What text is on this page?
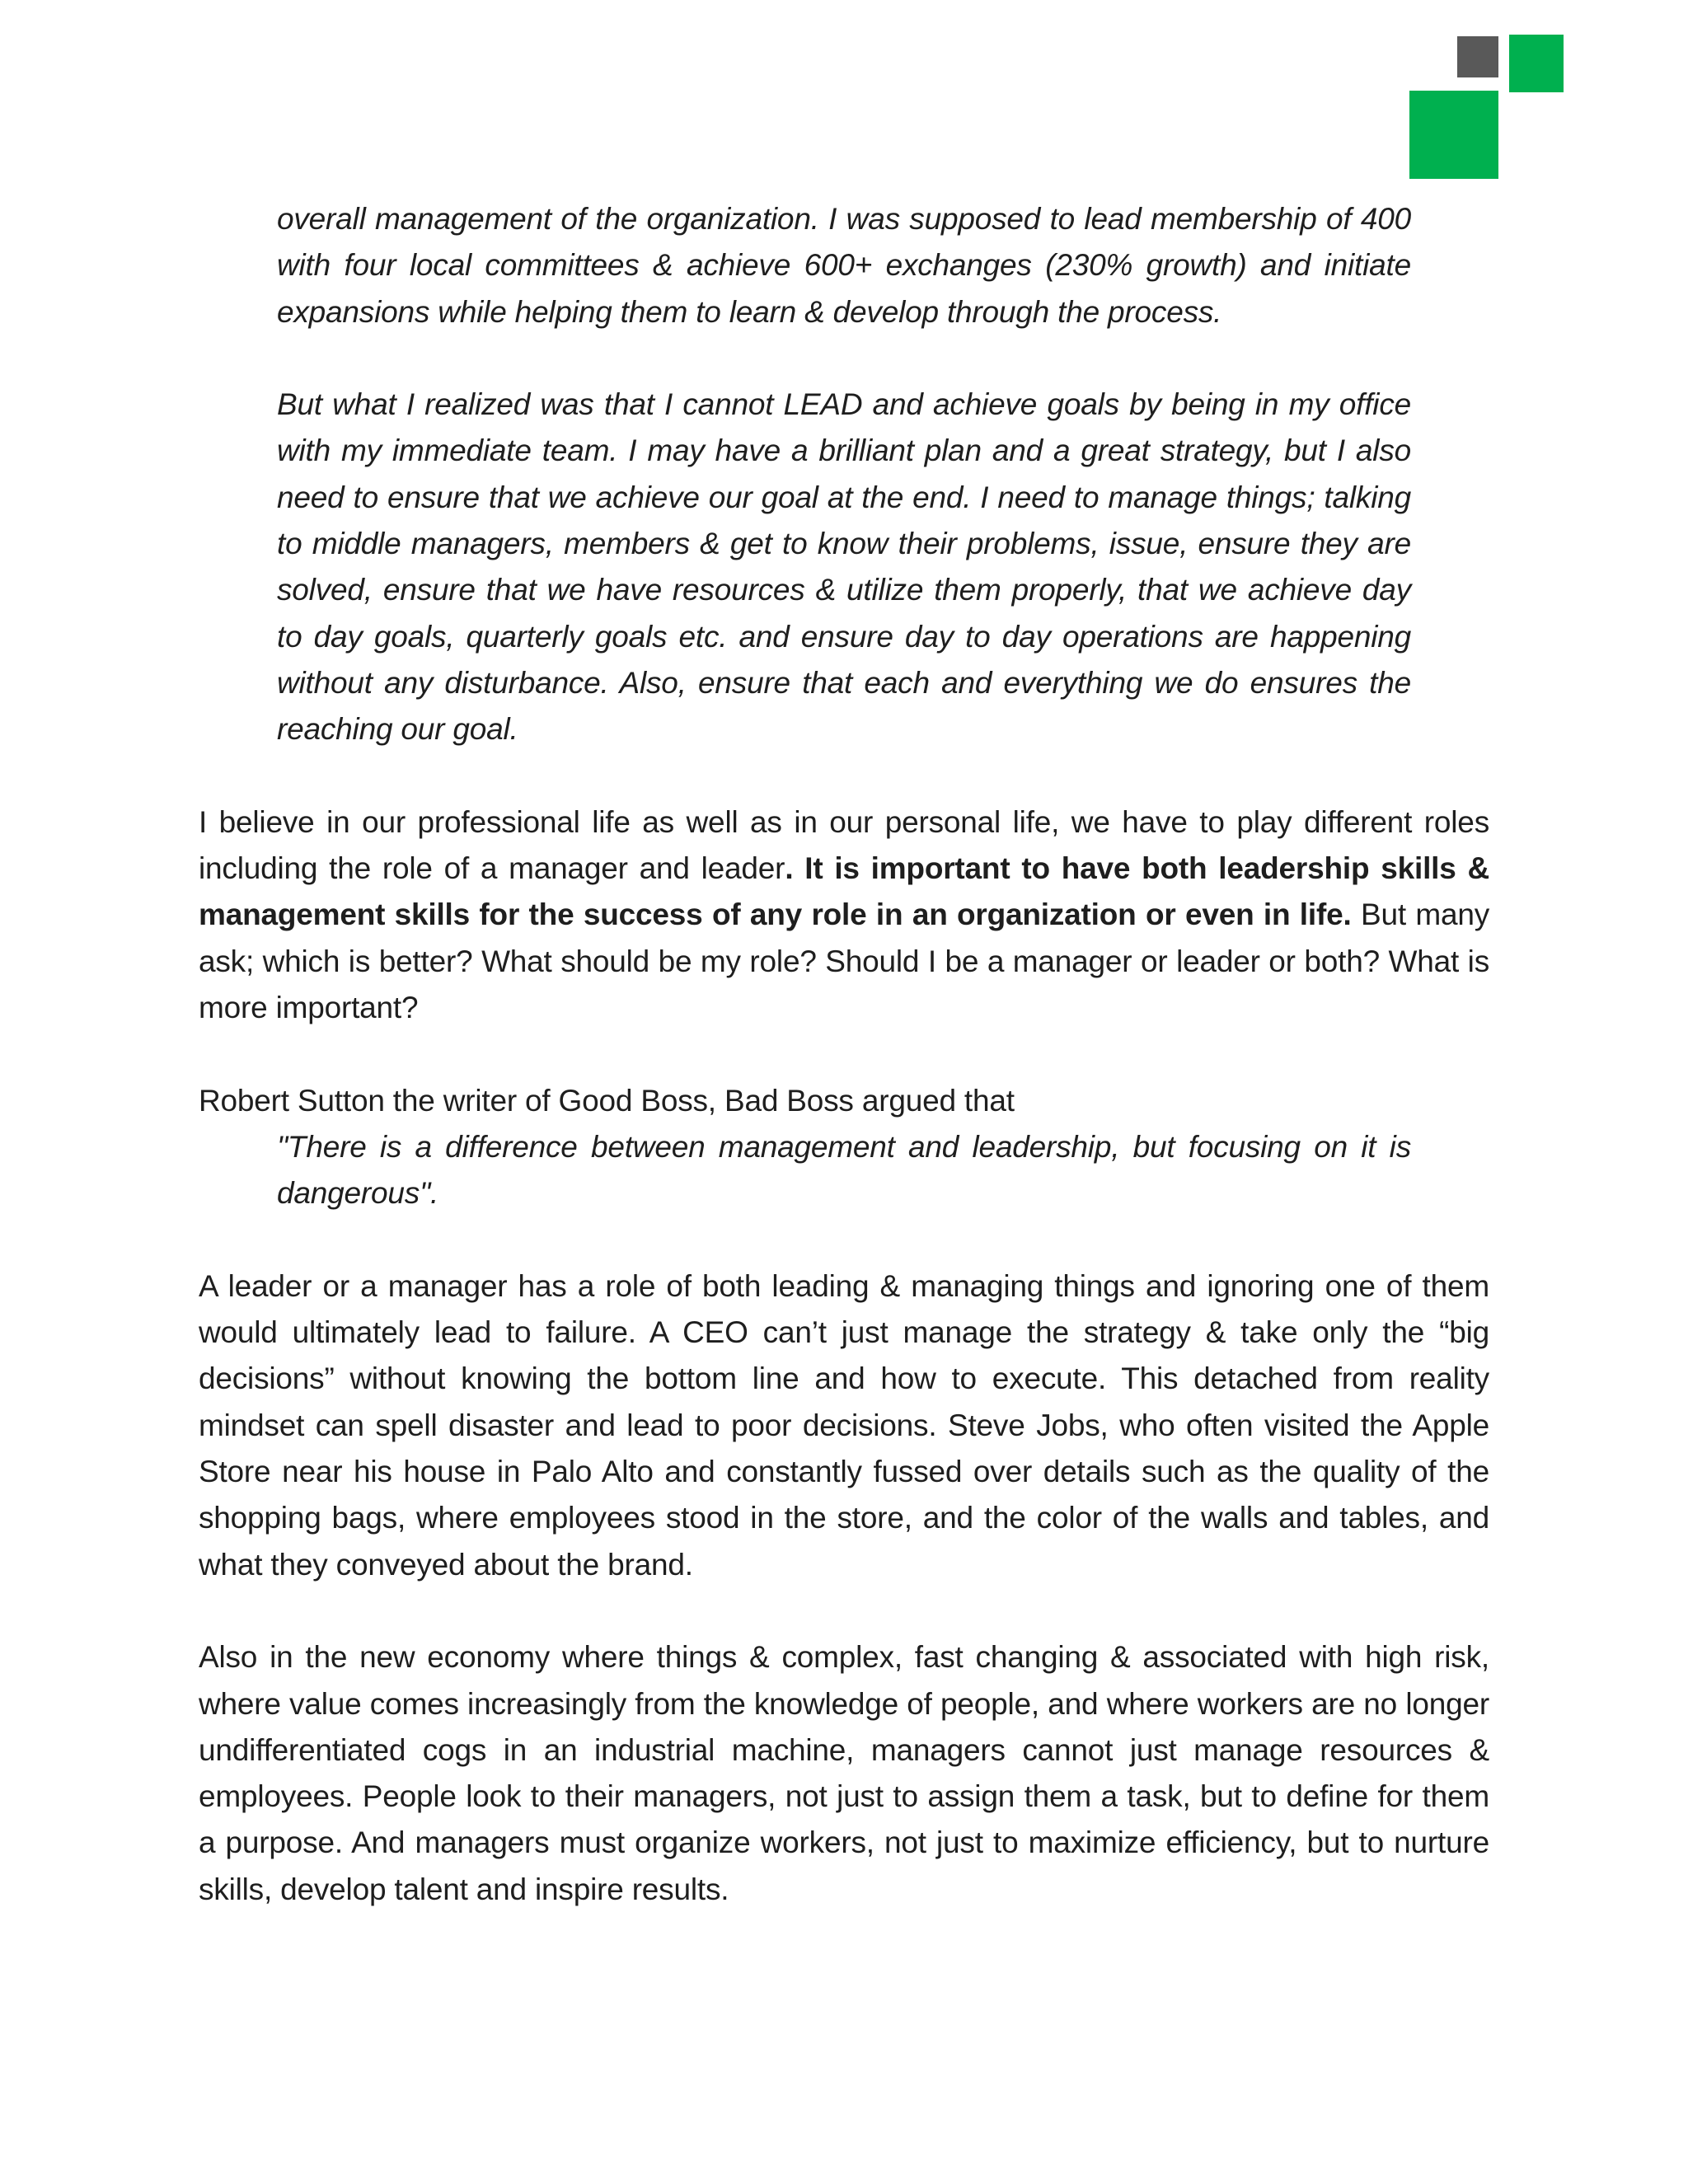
overall management of the organization. I was supposed to lead membership of 400 with four local committees & achieve 600+ exchanges (230% growth) and initiate expansions while helping them to learn & develop through the process.

But what I realized was that I cannot LEAD and achieve goals by being in my office with my immediate team. I may have a brilliant plan and a great strategy, but I also need to ensure that we achieve our goal at the end. I need to manage things; talking to middle managers, members & get to know their problems, issue, ensure they are solved, ensure that we have resources & utilize them properly, that we achieve day to day goals, quarterly goals etc. and ensure day to day operations are happening without any disturbance. Also, ensure that each and everything we do ensures the reaching our goal.

I believe in our professional life as well as in our personal life, we have to play different roles including the role of a manager and leader. It is important to have both leadership skills & management skills for the success of any role in an organization or even in life. But many ask; which is better? What should be my role? Should I be a manager or leader or both? What is more important?

Robert Sutton the writer of Good Boss, Bad Boss argued that

"There is a difference between management and leadership, but focusing on it is dangerous".

A leader or a manager has a role of both leading & managing things and ignoring one of them would ultimately lead to failure. A CEO can’t just manage the strategy & take only the “big decisions” without knowing the bottom line and how to execute. This detached from reality mindset can spell disaster and lead to poor decisions. Steve Jobs, who often visited the Apple Store near his house in Palo Alto and constantly fussed over details such as the quality of the shopping bags, where employees stood in the store, and the color of the walls and tables, and what they conveyed about the brand.

Also in the new economy where things & complex, fast changing & associated with high risk, where value comes increasingly from the knowledge of people, and where workers are no longer undifferentiated cogs in an industrial machine, managers cannot just manage resources & employees. People look to their managers, not just to assign them a task, but to define for them a purpose. And managers must organize workers, not just to maximize efficiency, but to nurture skills, develop talent and inspire results.
